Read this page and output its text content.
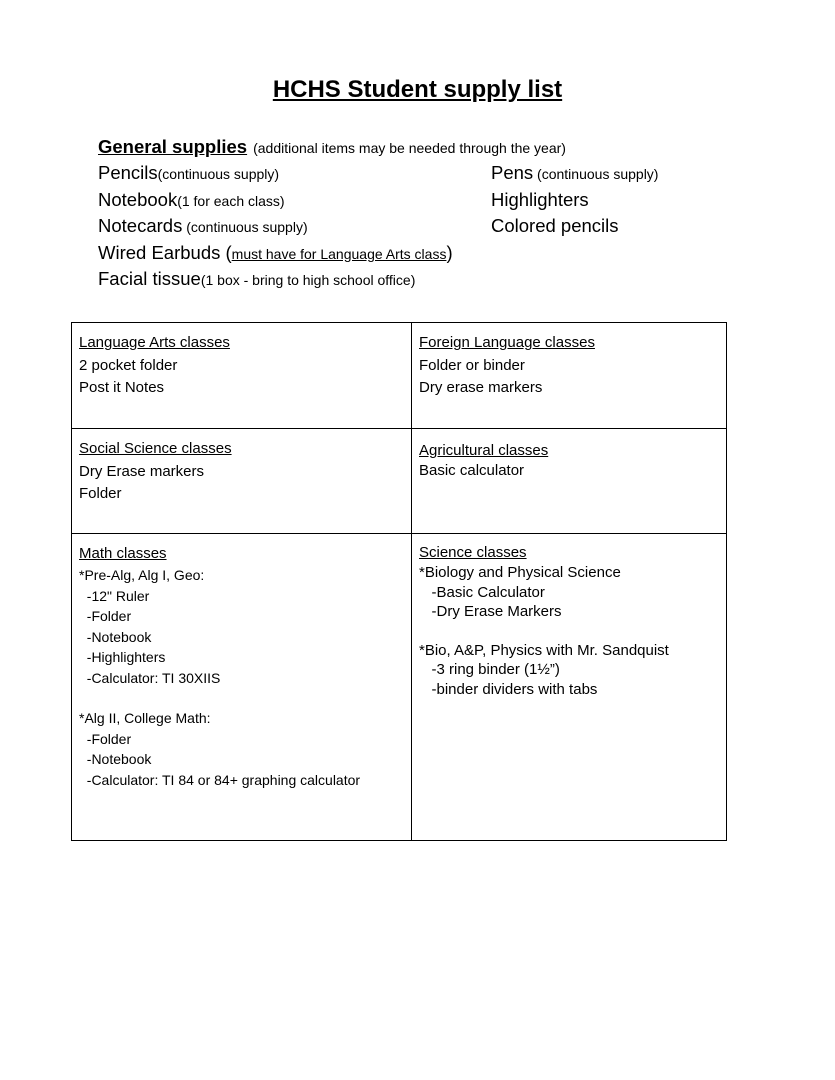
HCHS Student supply list
General supplies (additional items may be needed through the year)
Pencils(continuous supply)	Pens (continuous supply)
Notebook(1 for each class)	Highlighters
Notecards (continuous supply)	Colored pencils
Wired Earbuds ( must have for Language Arts class )
Facial tissue (1 box - bring to high school office)
Language Arts classes
2 pocket folder
Post it Notes
Foreign Language classes
Folder or binder
Dry erase markers
Social Science classes
Dry Erase markers
Folder
Agricultural classes
Basic calculator
Math classes
*Pre-Alg, Alg I, Geo:
-12" Ruler
-Folder
-Notebook
-Highlighters
-Calculator: TI 30XIIS
*Alg II, College Math:
-Folder
-Notebook
-Calculator: TI 84 or 84+ graphing calculator
Science classes
*Biology and Physical Science
-Basic Calculator
-Dry Erase Markers
*Bio, A&P, Physics with Mr. Sandquist
-3 ring binder (1½”)
-binder dividers with tabs
